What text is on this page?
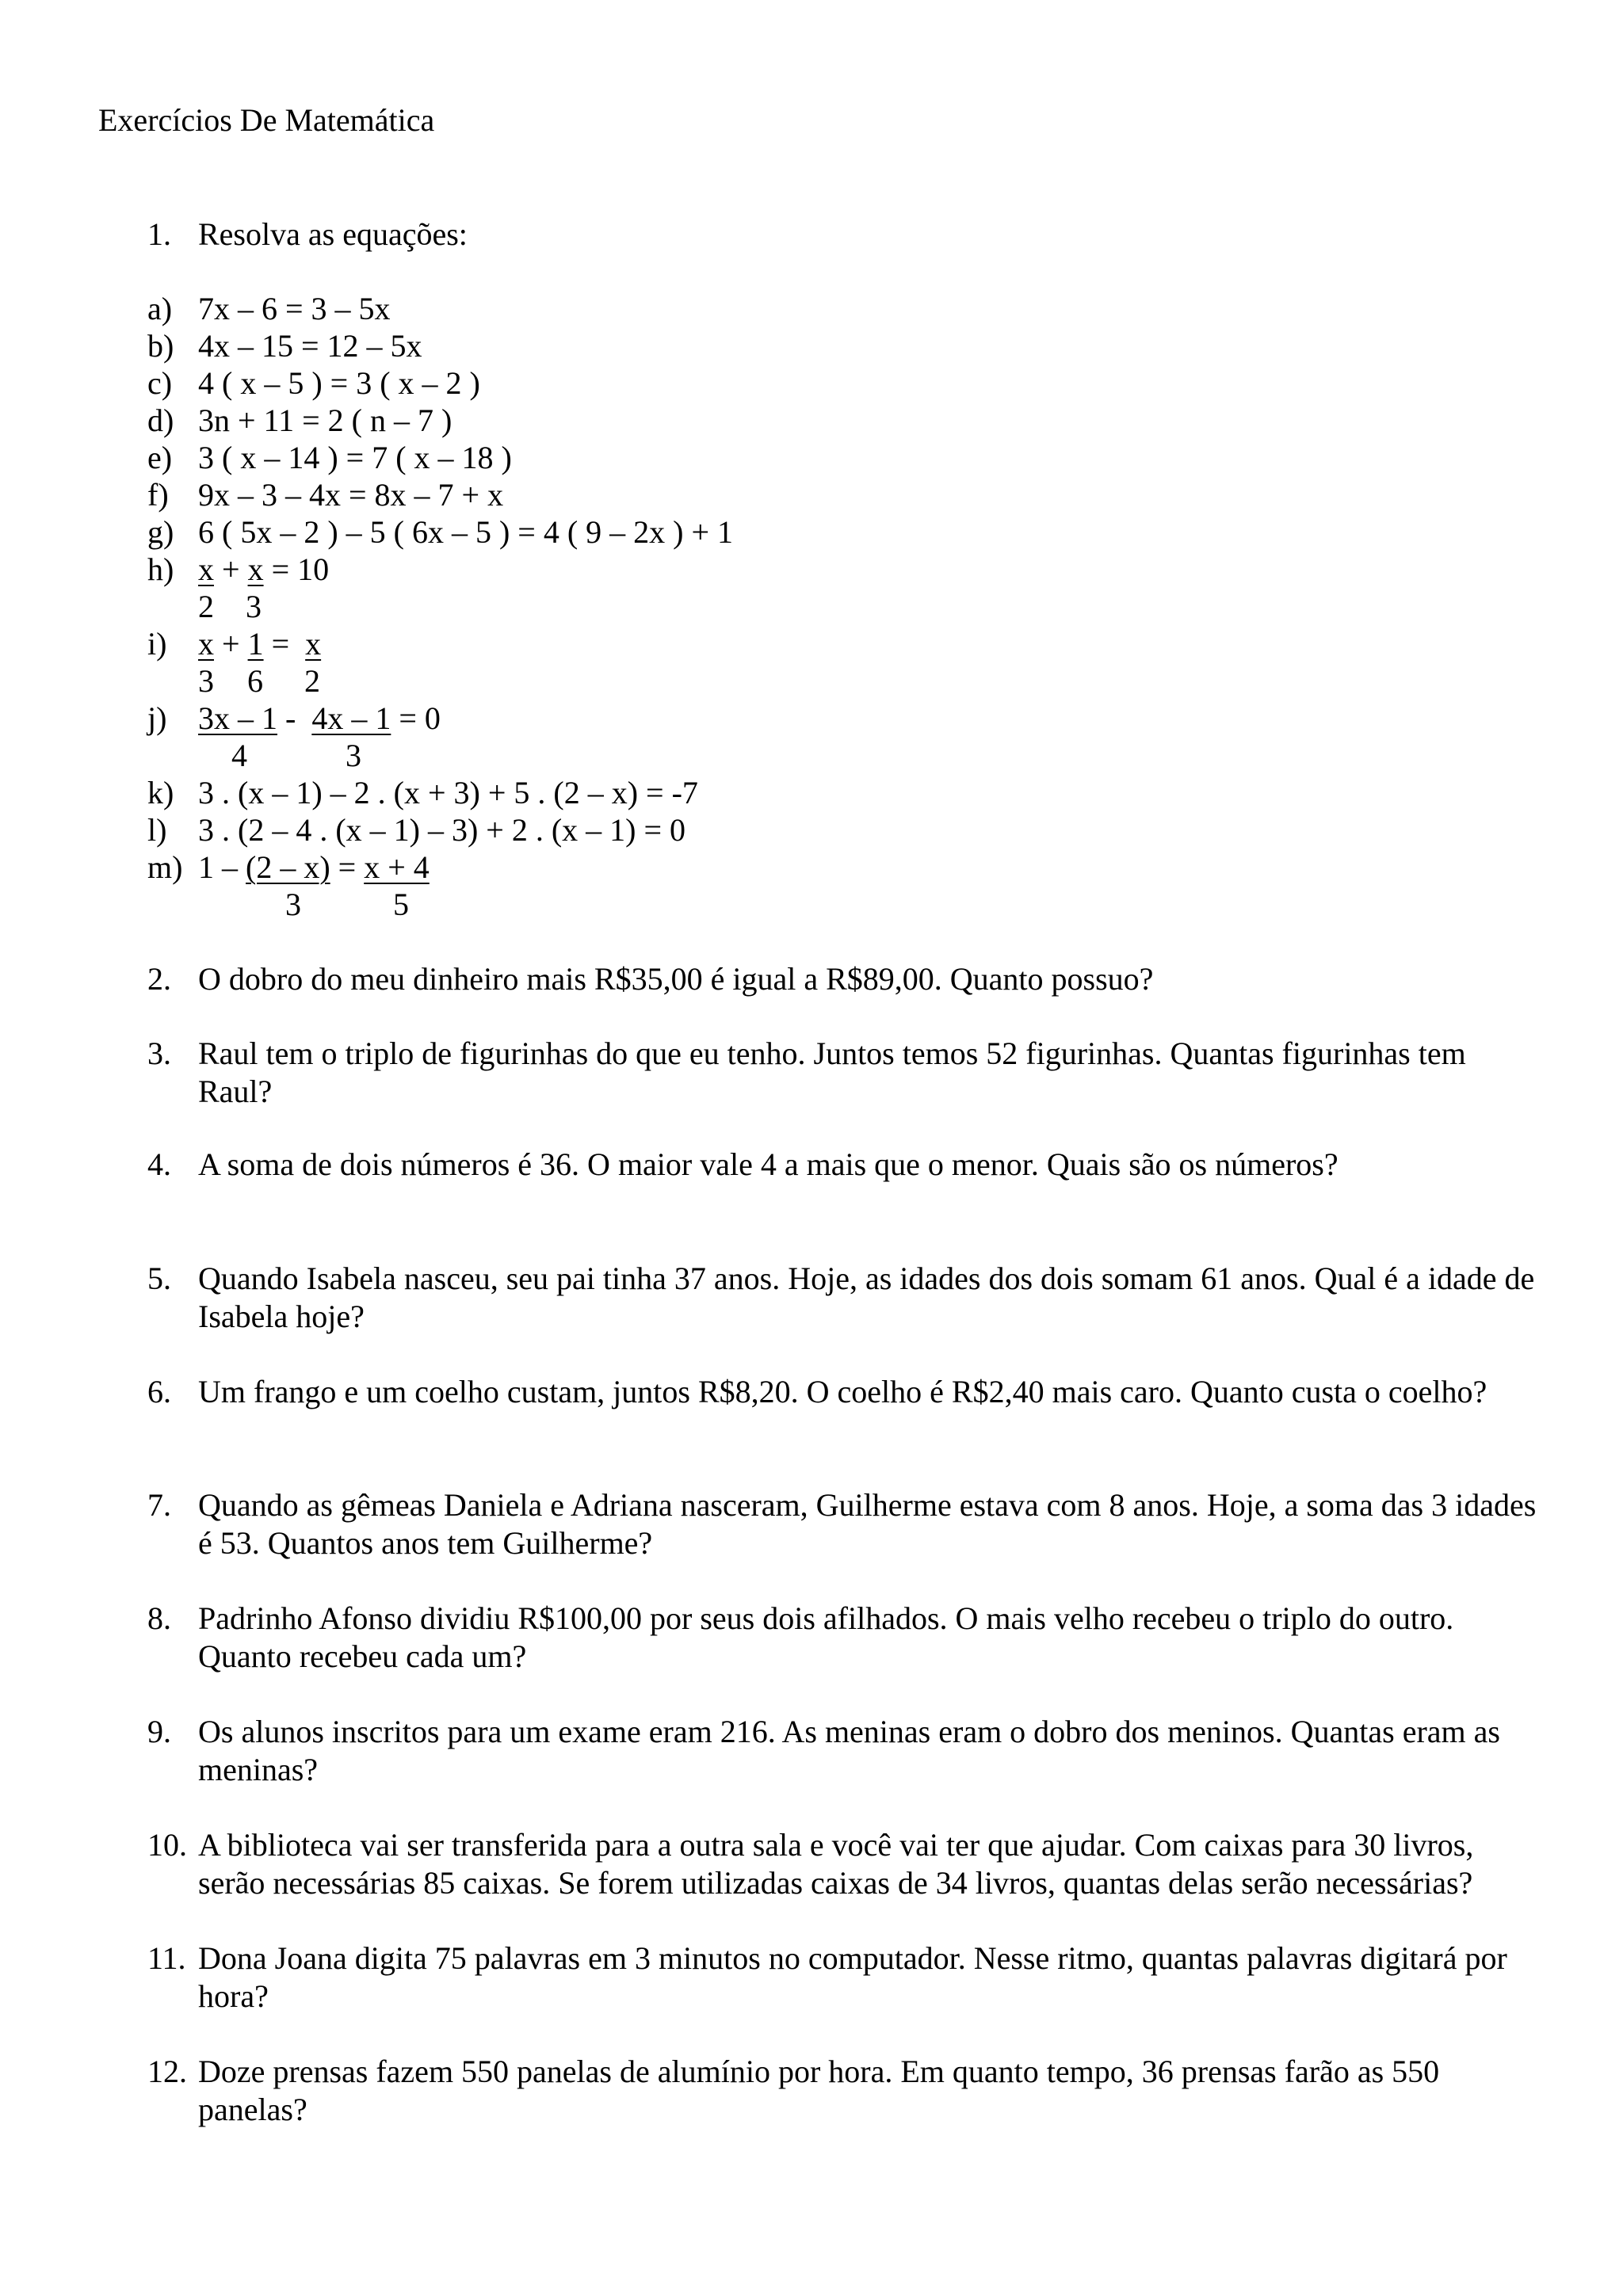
Exercícios De Matemática
1. Resolva as equações:
a) 7x – 6 = 3 – 5x
b) 4x – 15 = 12 – 5x
c) 4 ( x – 5 ) = 3 ( x – 2 )
d) 3n + 11 = 2 ( n – 7 )
e) 3 ( x – 14 ) = 7 ( x – 18 )
f) 9x – 3 – 4x = 8x – 7 + x
g) 6 ( 5x – 2 ) – 5 ( 6x – 5 ) = 4 ( 9 – 2x ) + 1
h) x + x = 10
2 3
i) x + 1 =  x
3 6 2
j) 3x – 1 -  4x – 1 = 0
4	3
k) 3 . (x – 1) – 2 . (x + 3) + 5 . (2 – x) = -7
l) 3 . (2 – 4 . (x – 1) – 3) + 2 . (x – 1) = 0
m) 1 – (2 – x) = x + 4
3	5
2. O dobro do meu dinheiro mais R$35,00 é igual a R$89,00. Quanto possuo?
3. Raul tem o triplo de figurinhas do que eu tenho. Juntos temos 52 figurinhas. Quantas figurinhas tem Raul?
4. A soma de dois números é 36. O maior vale 4 a mais que o menor. Quais são os números?
5. Quando Isabela nasceu, seu pai tinha 37 anos. Hoje, as idades dos dois somam 61 anos. Qual é a idade de Isabela hoje?
6. Um frango e um coelho custam, juntos R$8,20. O coelho é R$2,40 mais caro. Quanto custa o coelho?
7. Quando as gêmeas Daniela e Adriana nasceram, Guilherme estava com 8 anos. Hoje, a soma das 3 idades é 53. Quantos anos tem Guilherme?
8. Padrinho Afonso dividiu R$100,00 por seus dois afilhados. O mais velho recebeu o triplo do outro. Quanto recebeu cada um?
9. Os alunos inscritos para um exame eram 216. As meninas eram o dobro dos meninos. Quantas eram as meninas?
10. A biblioteca vai ser transferida para a outra sala e você vai ter que ajudar. Com caixas para 30 livros, serão necessárias 85 caixas. Se forem utilizadas caixas de 34 livros, quantas delas serão necessárias?
11. Dona Joana digita 75 palavras em 3 minutos no computador. Nesse ritmo, quantas palavras digitará por hora?
12. Doze prensas fazem 550 panelas de alumínio por hora. Em quanto tempo, 36 prensas farão as 550 panelas?
